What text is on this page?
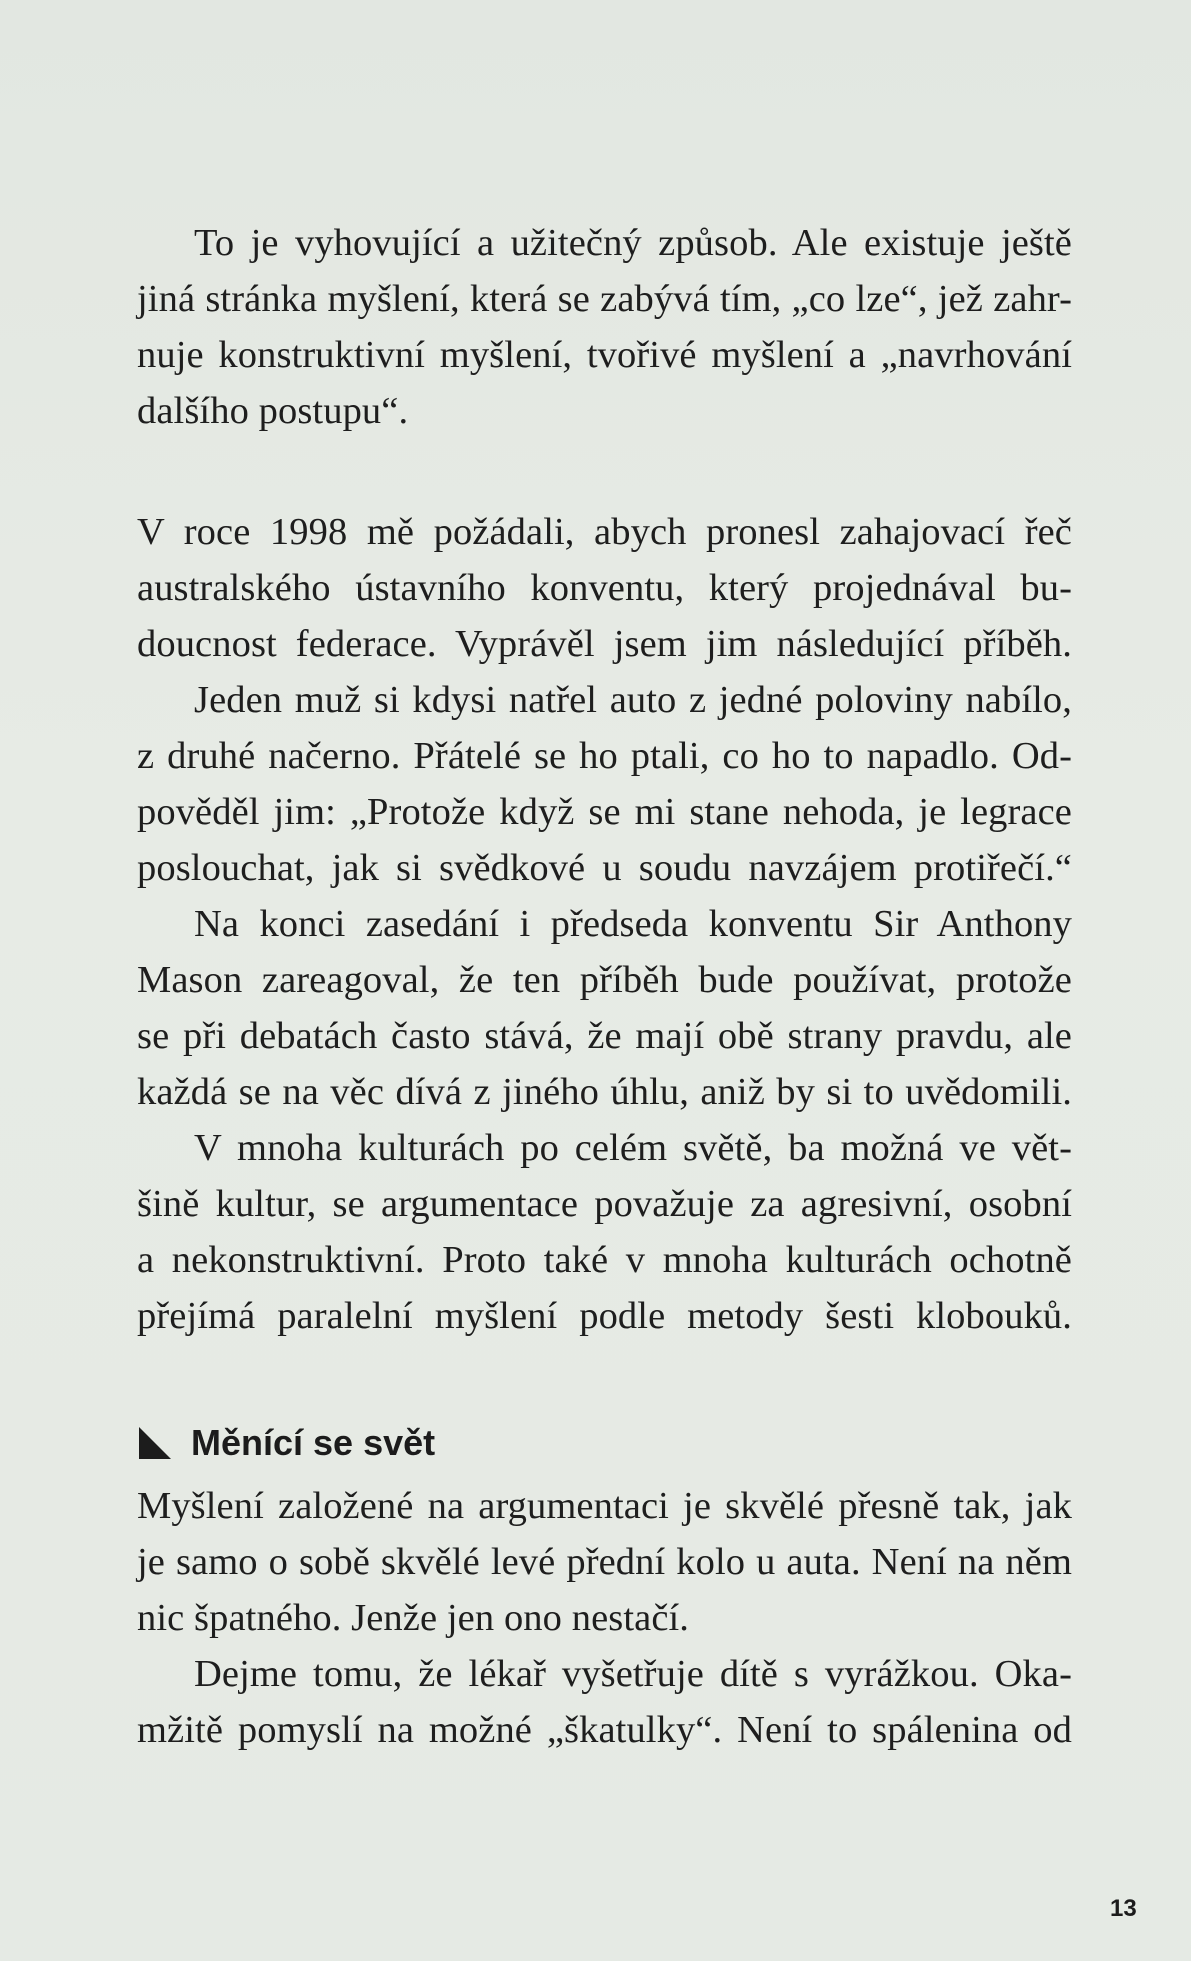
To je vyhovující a užitečný způsob. Ale existuje ještě
jiná stránka myšlení, která se zabývá tím, „co lze“, jež zahr-
nuje konstruktivní myšlení, tvořivé myšlení a „navrhování
dalšího postupu“.
V roce 1998 mě požádali, abych pronesl zahajovací řeč
australského ústavního konventu, který projednával bu-
doucnost federace. Vyprávěl jsem jim následující příběh.
Jeden muž si kdysi natřel auto z jedné poloviny nabílo,
z druhé načerno. Přátelé se ho ptali, co ho to napadlo. Od-
pověděl jim: „Protože když se mi stane nehoda, je legrace
poslouchat, jak si svědkové u soudu navzájem protiřečí.“
Na konci zasedání i předseda konventu Sir Anthony
Mason zareagoval, že ten příběh bude používat, protože
se při debatách často stává, že mají obě strany pravdu, ale
každá se na věc dívá z jiného úhlu, aniž by si to uvědomili.
V mnoha kulturách po celém světě, ba možná ve vět-
šině kultur, se argumentace považuje za agresivní, osobní
a nekonstruktivní. Proto také v mnoha kulturách ochotně
přejímá paralelní myšlení podle metody šesti klobouků.
Měnící se svět
Myšlení založené na argumentaci je skvělé přesně tak, jak
je samo o sobě skvělé levé přední kolo u auta. Není na něm
nic špatného. Jenže jen ono nestačí.
Dejme tomu, že lékař vyšetřuje dítě s vyrážkou. Oka-
mžitě pomyslí na možné „škatulky“. Není to spálenina od
13
